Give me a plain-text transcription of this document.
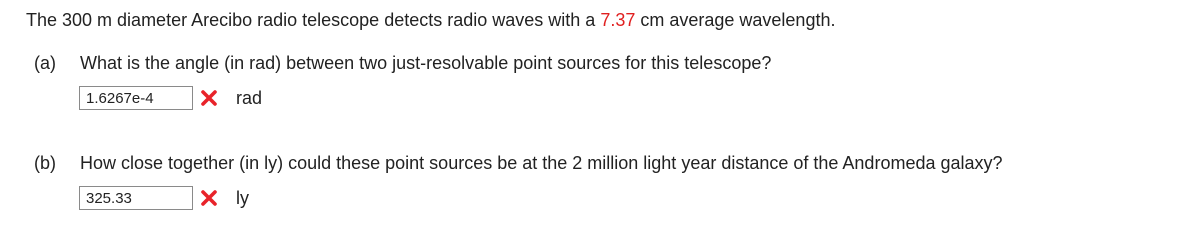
The 300 m diameter Arecibo radio telescope detects radio waves with a 7.37 cm average wavelength.
(a) What is the angle (in rad) between two just-resolvable point sources for this telescope?
1.6267e-4
rad
(b) How close together (in ly) could these point sources be at the 2 million light year distance of the Andromeda galaxy?
325.33
ly
